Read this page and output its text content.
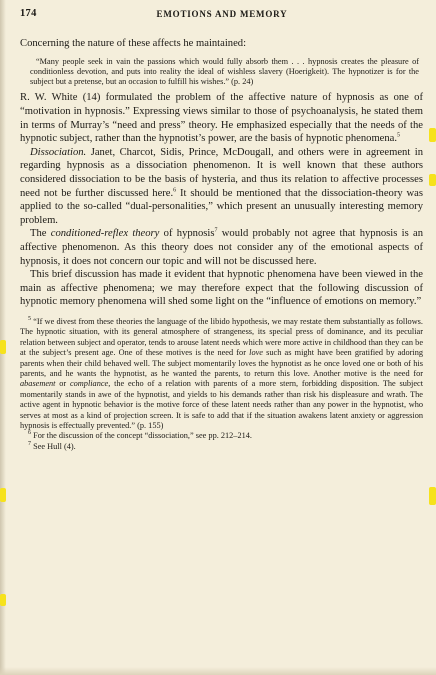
174	EMOTIONS AND MEMORY

Concerning the nature of these affects he maintained:

“Many people seek in vain the passions which would fully absorb them . . . hypnosis creates the pleasure of conditionless devotion, and puts into reality the ideal of wishless slavery (Hoerigkeit). The hypnotizer is for the subject but a pretense, but an occasion to fulfill his wishes.” (p. 24)

R. W. White (14) formulated the problem of the affective nature of hypnosis as one of “motivation in hypnosis.” Expressing views similar to those of psychoanalysis, he stated them in terms of Murray’s “need and press” theory. He emphasized especially that the needs of the hypnotic subject, rather than the hypnotist’s power, are the basis of hypnotic phenomena.$^5$

Dissociation. Janet, Charcot, Sidis, Prince, McDougall, and others were in agreement in regarding hypnosis as a dissociation phenomenon. It is well known that these authors considered dissociation to be the basis of hysteria, and thus its relation to affective processes need not be further discussed here.$^6$ It should be mentioned that the dissociation-theory was applied to the so-called “dual-personalities,” which present an unusually interesting memory problem.

The conditioned-reflex theory of hypnosis$^7$ would probably not agree that hypnosis is an affective phenomenon. As this theory does not consider any of the emotional aspects of hypnosis, it does not concern our topic and will not be discussed here.

This brief discussion has made it evident that hypnotic phenomena have been viewed in the main as affective phenomena; we may therefore expect that the following discussion of hypnotic memory phenomena will shed some light on the “influence of emotions on memory.”

$^5$ “If we divest from these theories the language of the libido hypothesis, we may restate them substantially as follows. The hypnotic situation, with its general atmosphere of strangeness, its special press of dominance, and its peculiar relation between subject and operator, tends to arouse latent needs which were more active in childhood than they can be at the subject’s present age. One of these motives is the need for love such as might have been gratified by adoring parents when their child behaved well. The subject momentarily loves the hypnotist as he once loved one or both of his parents, and he wants the hypnotist, as he wanted the parents, to return this love. Another motive is the need for abasement or compliance, the echo of a relation with parents of a more stern, forbidding disposition. The subject momentarily stands in awe of the hypnotist, and yields to his demands rather than risk his displeasure and wrath. The active agent in hypnotic behavior is the motive force of these latent needs rather than any power in the hypnotist, who serves at most as a kind of projection screen. It is safe to add that if the situation awakens latent anxiety or aggression hypnosis is effectually prevented.” (p. 155)

$^6$ For the discussion of the concept “dissociation,” see pp. 212–214.

$^7$ See Hull (4).
